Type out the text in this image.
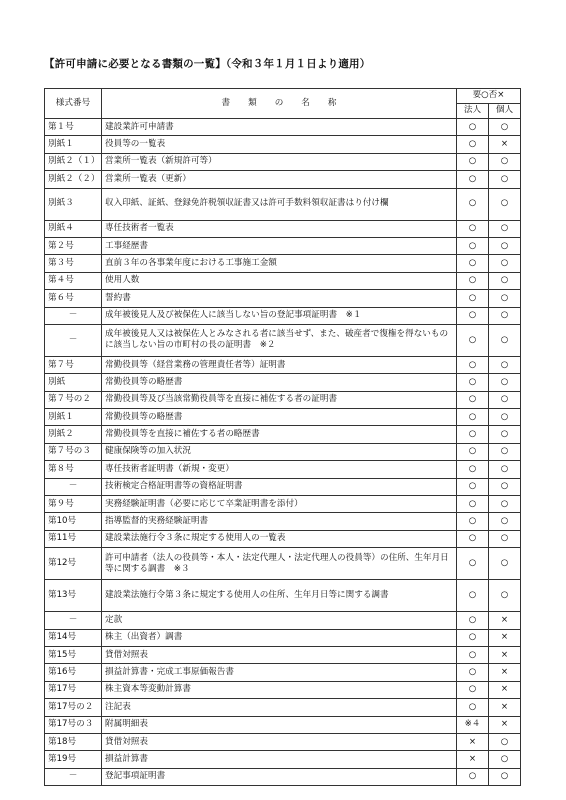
【許可申請に必要となる書類の一覧】（令和３年１月１日より適用）
様式番号	書類の名称	要○否×	
		法人	個人
第１号	建設業許可申請書	○	○
別紙１	役員等の一覧表	○	×
別紙２（１）	営業所一覧表（新規許可等）	○	○
別紙２（２）	営業所一覧表（更新）	○	○
別紙３	収入印紙、証紙、登録免許税領収証書又は許可手数料領収証書はり付け欄	○	○
別紙４	専任技術者一覧表	○	○
第２号	工事経歴書	○	○
第３号	直前３年の各事業年度における工事施工金額	○	○
第４号	使用人数	○	○
第６号	誓約書	○	○
－	成年被後見人及び被保佐人に該当しない旨の登記事項証明書　※１	○	○
－	成年被後見人又は被保佐人とみなされる者に該当せず、また、破産者で復権を得ないものに該当しない旨の市町村の長の証明書　※２	○	○
第７号	常勤役員等（経営業務の管理責任者等）証明書	○	○
別紙	常勤役員等の略歴書	○	○
第７号の２	常勤役員等及び当該常勤役員等を直接に補佐する者の証明書	○	○
別紙１	常勤役員等の略歴書	○	○
別紙２	常勤役員等を直接に補佐する者の略歴書	○	○
第７号の３	健康保険等の加入状況	○	○
第８号	専任技術者証明書（新規・変更）	○	○
－	技術検定合格証明書等の資格証明書	○	○
第９号	実務経験証明書（必要に応じて卒業証明書を添付）	○	○
第10号	指導監督的実務経験証明書	○	○
第11号	建設業法施行令３条に規定する使用人の一覧表	○	○
第12号	許可申請者（法人の役員等・本人・法定代理人・法定代理人の役員等）の住所、生年月日等に関する調書　※３	○	○
第13号	建設業法施行令第３条に規定する使用人の住所、生年月日等に関する調書	○	○
－	定款	○	×
第14号	株主（出資者）調書	○	×
第15号	貸借対照表	○	×
第16号	損益計算書・完成工事原価報告書	○	×
第17号	株主資本等変動計算書	○	×
第17号の２	注記表	○	×
第17号の３	附属明細表	※４	×
第18号	貸借対照表	×	○
第19号	損益計算書	×	○
－	登記事項証明書	○	○
